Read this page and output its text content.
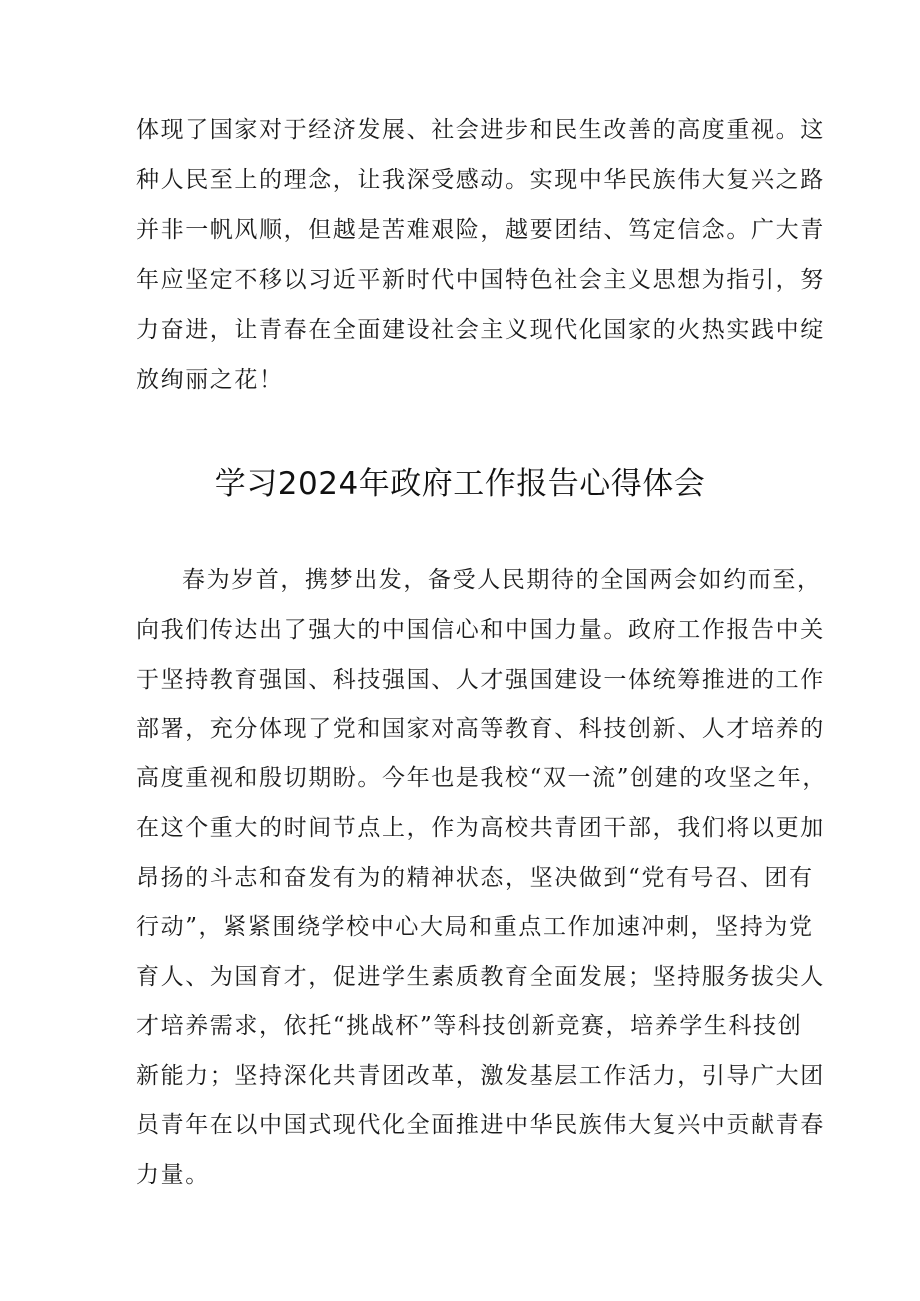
体现了国家对于经济发展、社会进步和民生改善的高度重视。这
种人民至上的理念，让我深受感动。实现中华民族伟大复兴之路
并非一帆风顺，但越是苦难艰险，越要团结、笃定信念。广大青
年应坚定不移以习近平新时代中国特色社会主义思想为指引，努
力奋进，让青春在全面建设社会主义现代化国家的火热实践中绽
放绚丽之花！
学习2024年政府工作报告心得体会
春为岁首，携梦出发，备受人民期待的全国两会如约而至，
向我们传达出了强大的中国信心和中国力量。政府工作报告中关
于坚持教育强国、科技强国、人才强国建设一体统筹推进的工作
部署，充分体现了党和国家对高等教育、科技创新、人才培养的
高度重视和殷切期盼。今年也是我校“双一流”创建的攻坚之年，
在这个重大的时间节点上，作为高校共青团干部，我们将以更加
昂扬的斗志和奋发有为的精神状态，坚决做到“党有号召、团有
行动”，紧紧围绕学校中心大局和重点工作加速冲刺，坚持为党
育人、为国育才，促进学生素质教育全面发展；坚持服务拔尖人
才培养需求，依托“挑战杯”等科技创新竞赛，培养学生科技创
新能力；坚持深化共青团改革，激发基层工作活力，引导广大团
员青年在以中国式现代化全面推进中华民族伟大复兴中贡献青春
力量。
